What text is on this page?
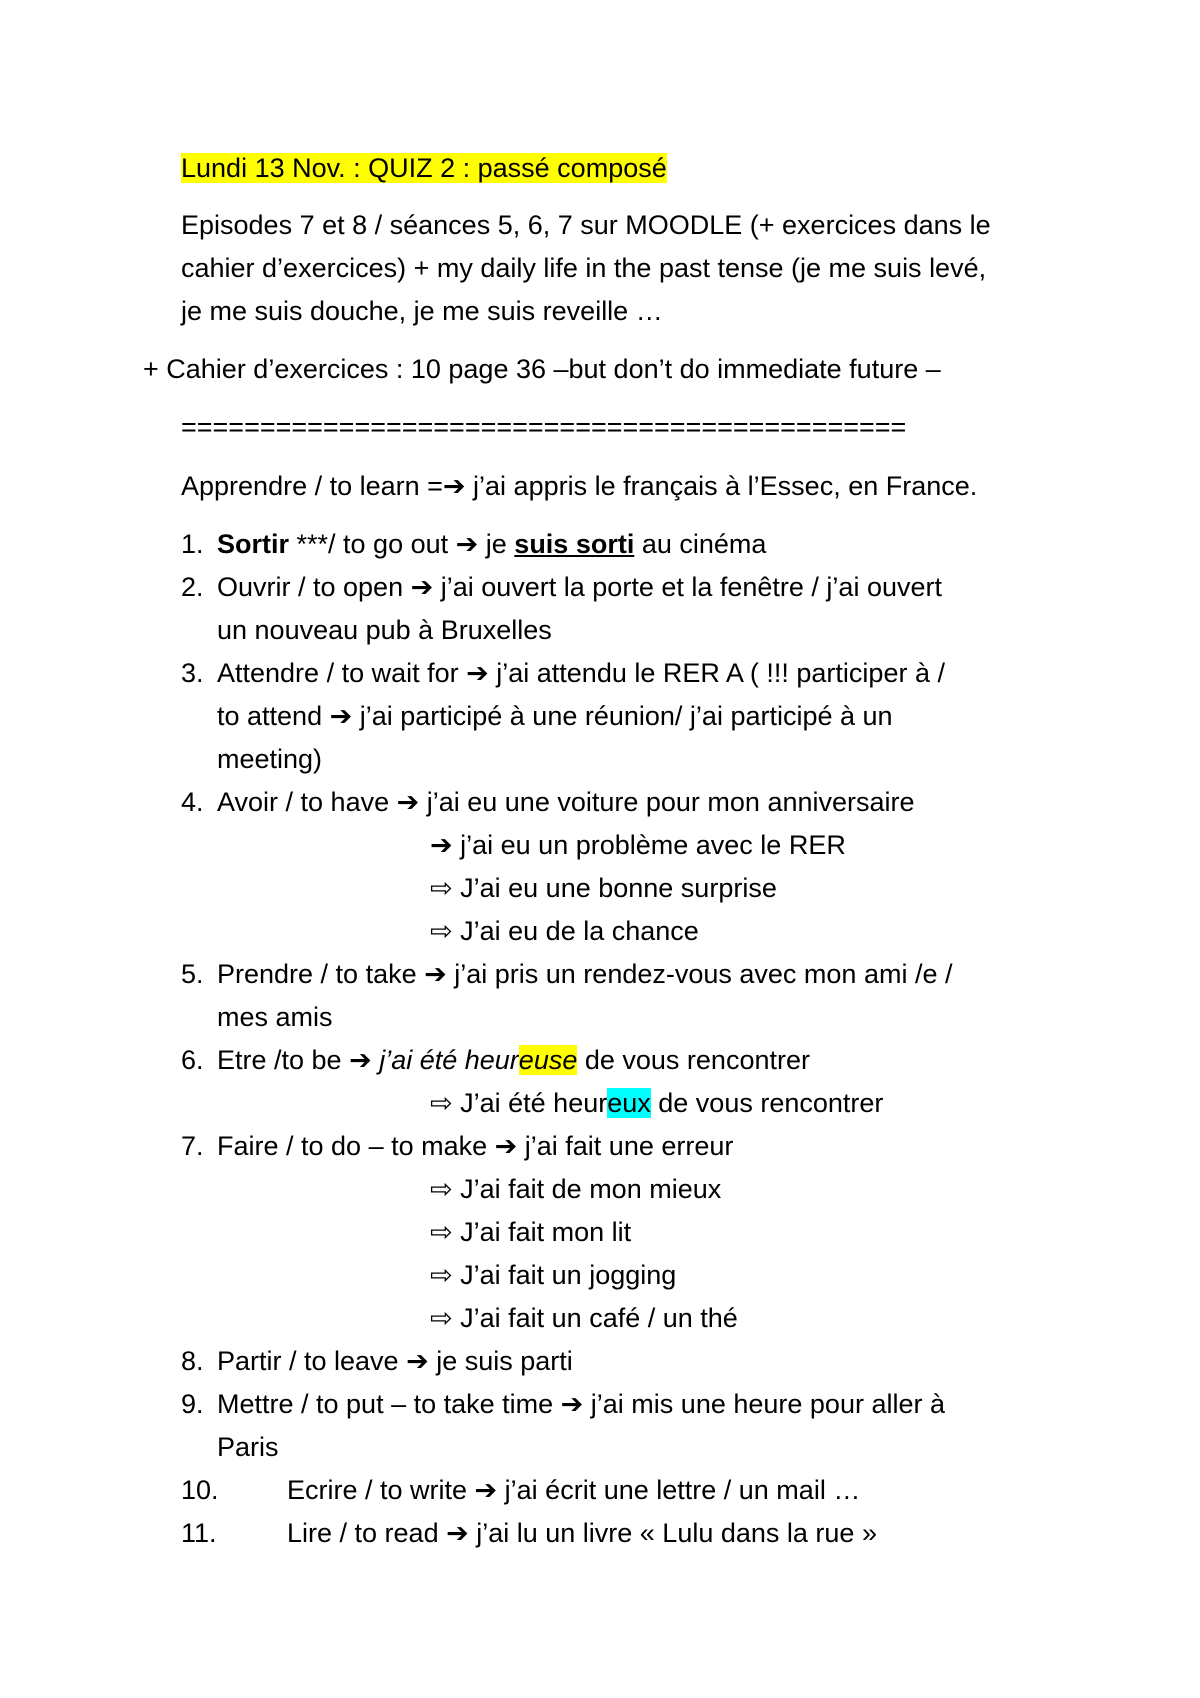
Lundi 13 Nov. : QUIZ 2 : passé composé
Episodes 7 et 8 / séances 5, 6, 7 sur MOODLE (+ exercices dans le
cahier d’exercices) + my daily life in the past tense (je me suis levé,
je me suis douche, je me suis reveille …
+ Cahier d’exercices : 10 page 36 –but don’t do immediate future –
==============================================
Apprendre / to learn =➔ j’ai appris le français à l’Essec, en France.
1. Sortir ***/ to go out ➔ je suis sorti au cinéma
2. Ouvrir / to open ➔ j’ai ouvert la porte et la fenêtre / j’ai ouvert
un nouveau pub à Bruxelles
3. Attendre / to wait for ➔ j’ai attendu le RER A ( !!! participer à /
to attend ➔ j’ai participé à une réunion/ j’ai participé à un
meeting)
4. Avoir / to have ➔ j’ai eu une voiture pour mon anniversaire
➔ j’ai eu un problème avec le RER
⇨ J’ai eu une bonne surprise
⇨ J’ai eu de la chance
5. Prendre / to take ➔ j’ai pris un rendez-vous avec mon ami /e /
mes amis
6. Etre /to be ➔ j’ai été heureuse de vous rencontrer
⇨ J’ai été heureux de vous rencontrer
7. Faire / to do – to make ➔ j’ai fait une erreur
⇨ J’ai fait de mon mieux
⇨ J’ai fait mon lit
⇨ J’ai fait un jogging
⇨ J’ai fait un café / un thé
8. Partir / to leave ➔ je suis parti
9. Mettre / to put – to take time ➔ j’ai mis une heure pour aller à
Paris
10.	Ecrire / to write ➔ j’ai écrit une lettre / un mail …
11.	Lire / to read ➔ j’ai lu un livre « Lulu dans la rue »
